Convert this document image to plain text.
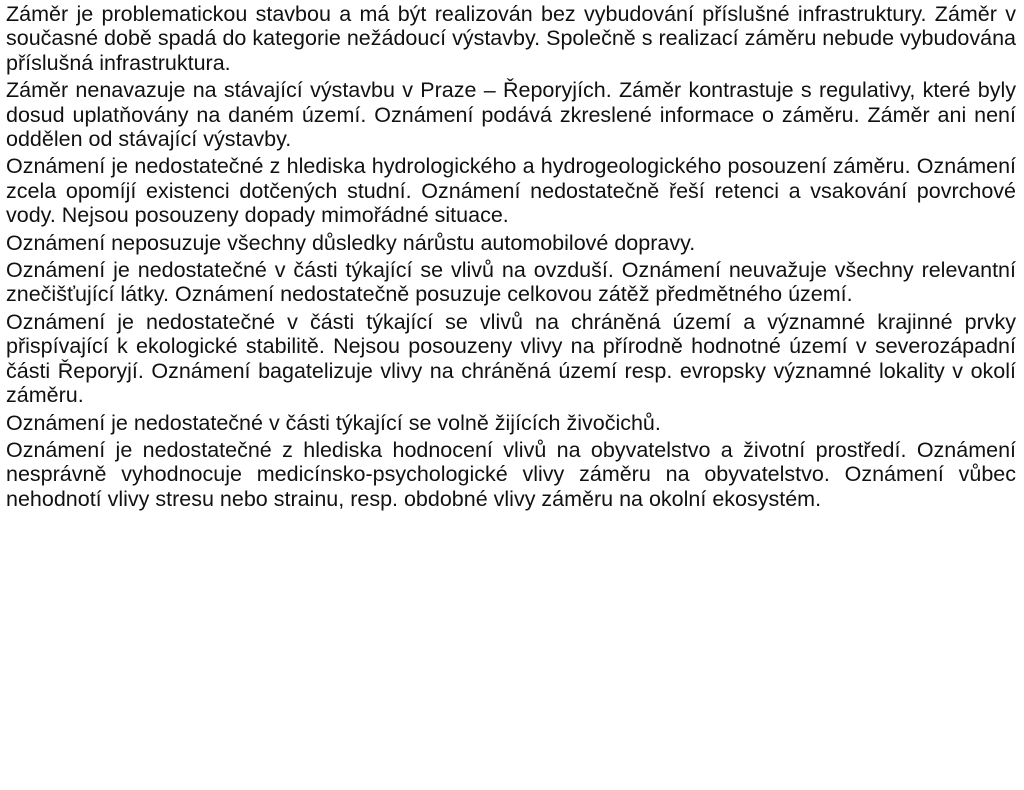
Záměr je problematickou stavbou a má být realizován bez vybudování příslušné infrastruktury. Záměr v současné době spadá do kategorie nežádoucí výstavby. Společně s realizací záměru nebude vybudována příslušná infrastruktura.

Záměr nenavazuje na stávající výstavbu v Praze – Řeporyjích. Záměr kontrastuje s regulativy, které byly dosud uplatňovány na daném území. Oznámení podává zkreslené informace o záměru. Záměr ani není oddělen od stávající výstavby.

Oznámení je nedostatečné z hlediska hydrologického a hydrogeologického posouzení záměru. Oznámení zcela opomíjí existenci dotčených studní. Oznámení nedostatečně řeší retenci a vsakování povrchové vody. Nejsou posouzeny dopady mimořádné situace.

Oznámení neposuzuje všechny důsledky nárůstu automobilové dopravy.

Oznámení je nedostatečné v části týkající se vlivů na ovzduší. Oznámení neuvažuje všechny relevantní znečišťující látky. Oznámení nedostatečně posuzuje celkovou zátěž předmětného území.

Oznámení je nedostatečné v části týkající se vlivů na chráněná území a významné krajinné prvky přispívající k ekologické stabilitě. Nejsou posouzeny vlivy na přírodně hodnotné území v severozápadní části Řeporyjí. Oznámení bagatelizuje vlivy na chráněná území resp. evropsky významné lokality v okolí záměru.

Oznámení je nedostatečné v části týkající se volně žijících živočichů.

Oznámení je nedostatečné z hlediska hodnocení vlivů na obyvatelstvo a životní prostředí. Oznámení nesprávně vyhodnocuje medicínsko-psychologické vlivy záměru na obyvatelstvo. Oznámení vůbec nehodnotí vlivy stresu nebo strainu, resp. obdobné vlivy záměru na okolní ekosystém.
